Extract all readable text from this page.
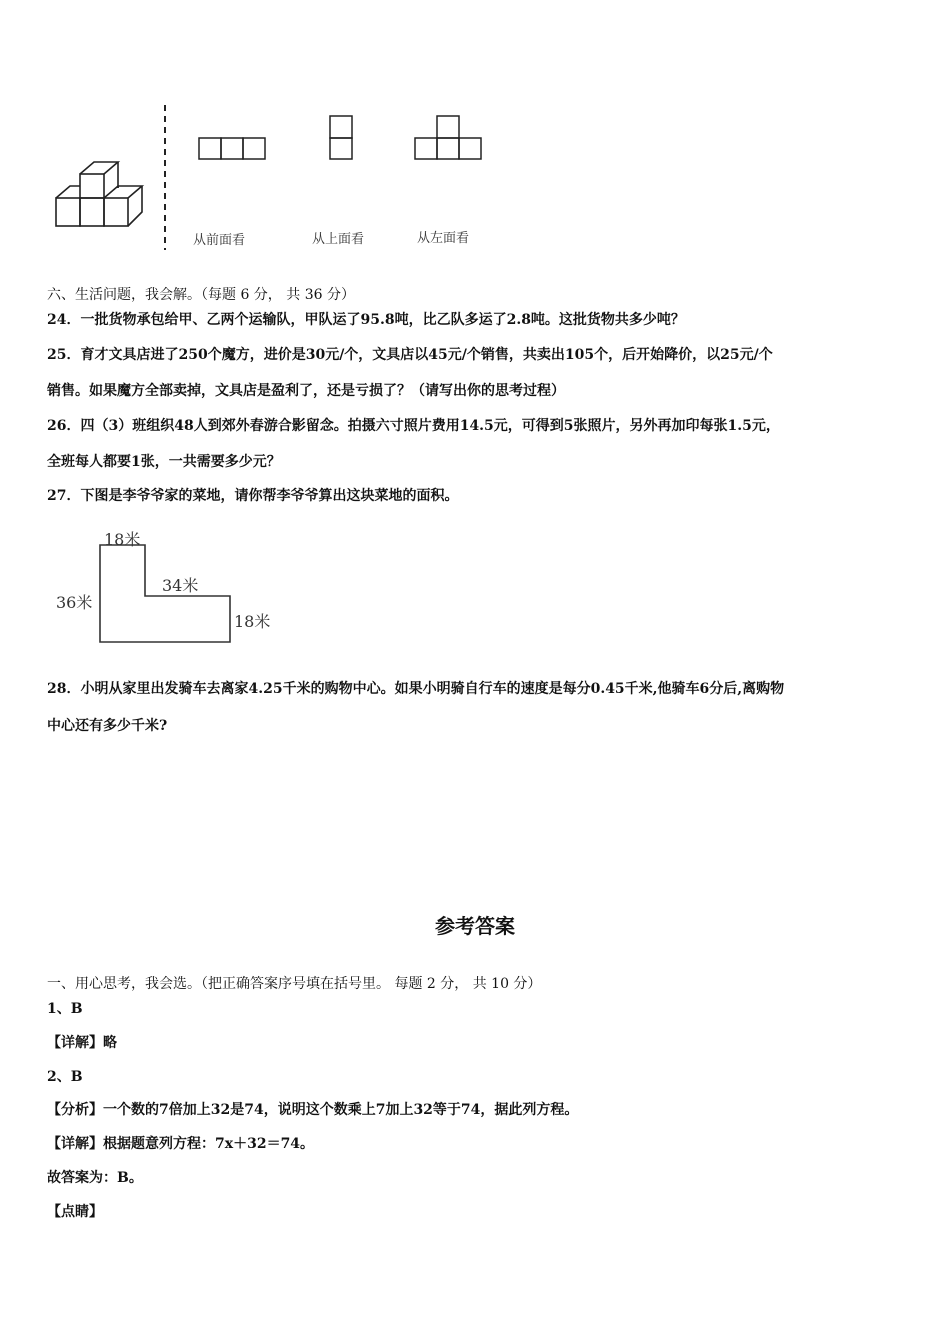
从前面看	从上面看	从左面看
六、生活问题，我会解。（每题 6 分， 共 36 分）
24．一批货物承包给甲、乙两个运输队，甲队运了95.8吨，比乙队多运了2.8吨。这批货物共多少吨？
25．育才文具店进了250个魔方，进价是30元/个，文具店以45元/个销售，共卖出105个，后开始降价，以25元/个
销售。如果魔方全部卖掉，文具店是盈利了，还是亏损了？（请写出你的思考过程）
26．四（3）班组织48人到郊外春游合影留念。拍摄六寸照片费用14.5元，可得到5张照片，另外再加印每张1.5元，
全班每人都要1张，一共需要多少元？
27．下图是李爷爷家的菜地，请你帮李爷爷算出这块菜地的面积。
18米
36米
34米
18米
28．小明从家里出发骑车去离家4.25千米的购物中心。如果小明骑自行车的速度是每分0.45千米,他骑车6分后,离购物
中心还有多少千米?
参考答案
一、用心思考，我会选。（把正确答案序号填在括号里。 每题 2 分， 共 10 分）
1、B
【详解】略
2、B
【分析】一个数的7倍加上32是74，说明这个数乘上7加上32等于74，据此列方程。
【详解】根据题意列方程：7x＋32＝74。
故答案为：B。
【点睛】
